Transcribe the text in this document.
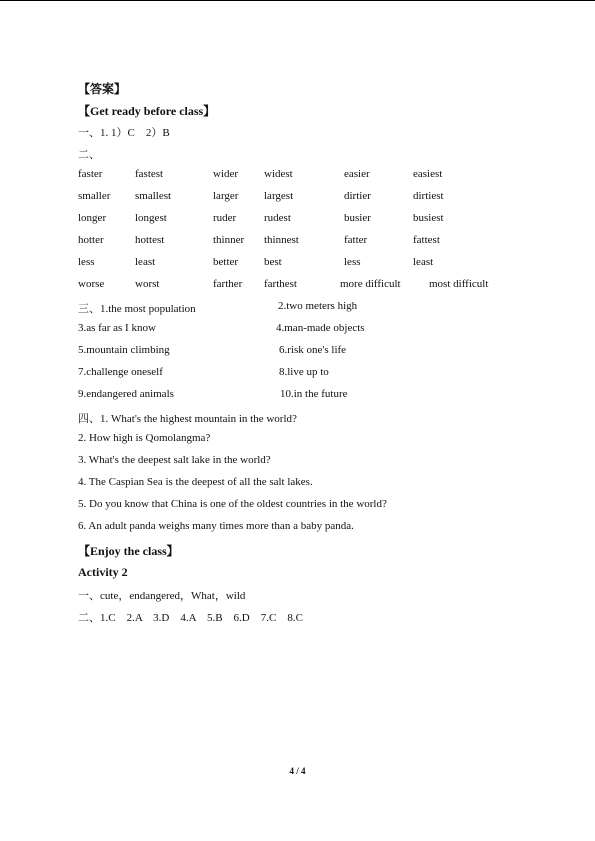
【答案】
【Get ready before class】
一、1. 1）C　2）B
二、
faster	fastest	wider widest	easier	easiest
smaller smallest	larger largest	dirtier	dirtiest
longer	longest	ruder	rudest	busier	busiest
hotter	hottest	thinner thinnest	fatter	fattest
less	least	better best	less	least
worse	worst	farther farthest	more difficult	most difficult
三、1.the most population	2.two meters high
3.as far as I know	4.man-made objects
5.mountain climbing	6.risk one's life
7.challenge oneself	8.live up to
9.endangered animals	10.in the future
四、1. What's the highest mountain in the world?
2. How high is Qomolangma?
3. What's the deepest salt lake in the world?
4. The Caspian Sea is the deepest of all the salt lakes.
5. Do you know that China is one of the oldest countries in the world?
6. An adult panda weighs many times more than a baby panda.
【Enjoy the class】
Activity 2
一、cute，endangered，What，wild
二、1.C　2.A　3.D　4.A　5.B　6.D　7.C　8.C
4 / 4
